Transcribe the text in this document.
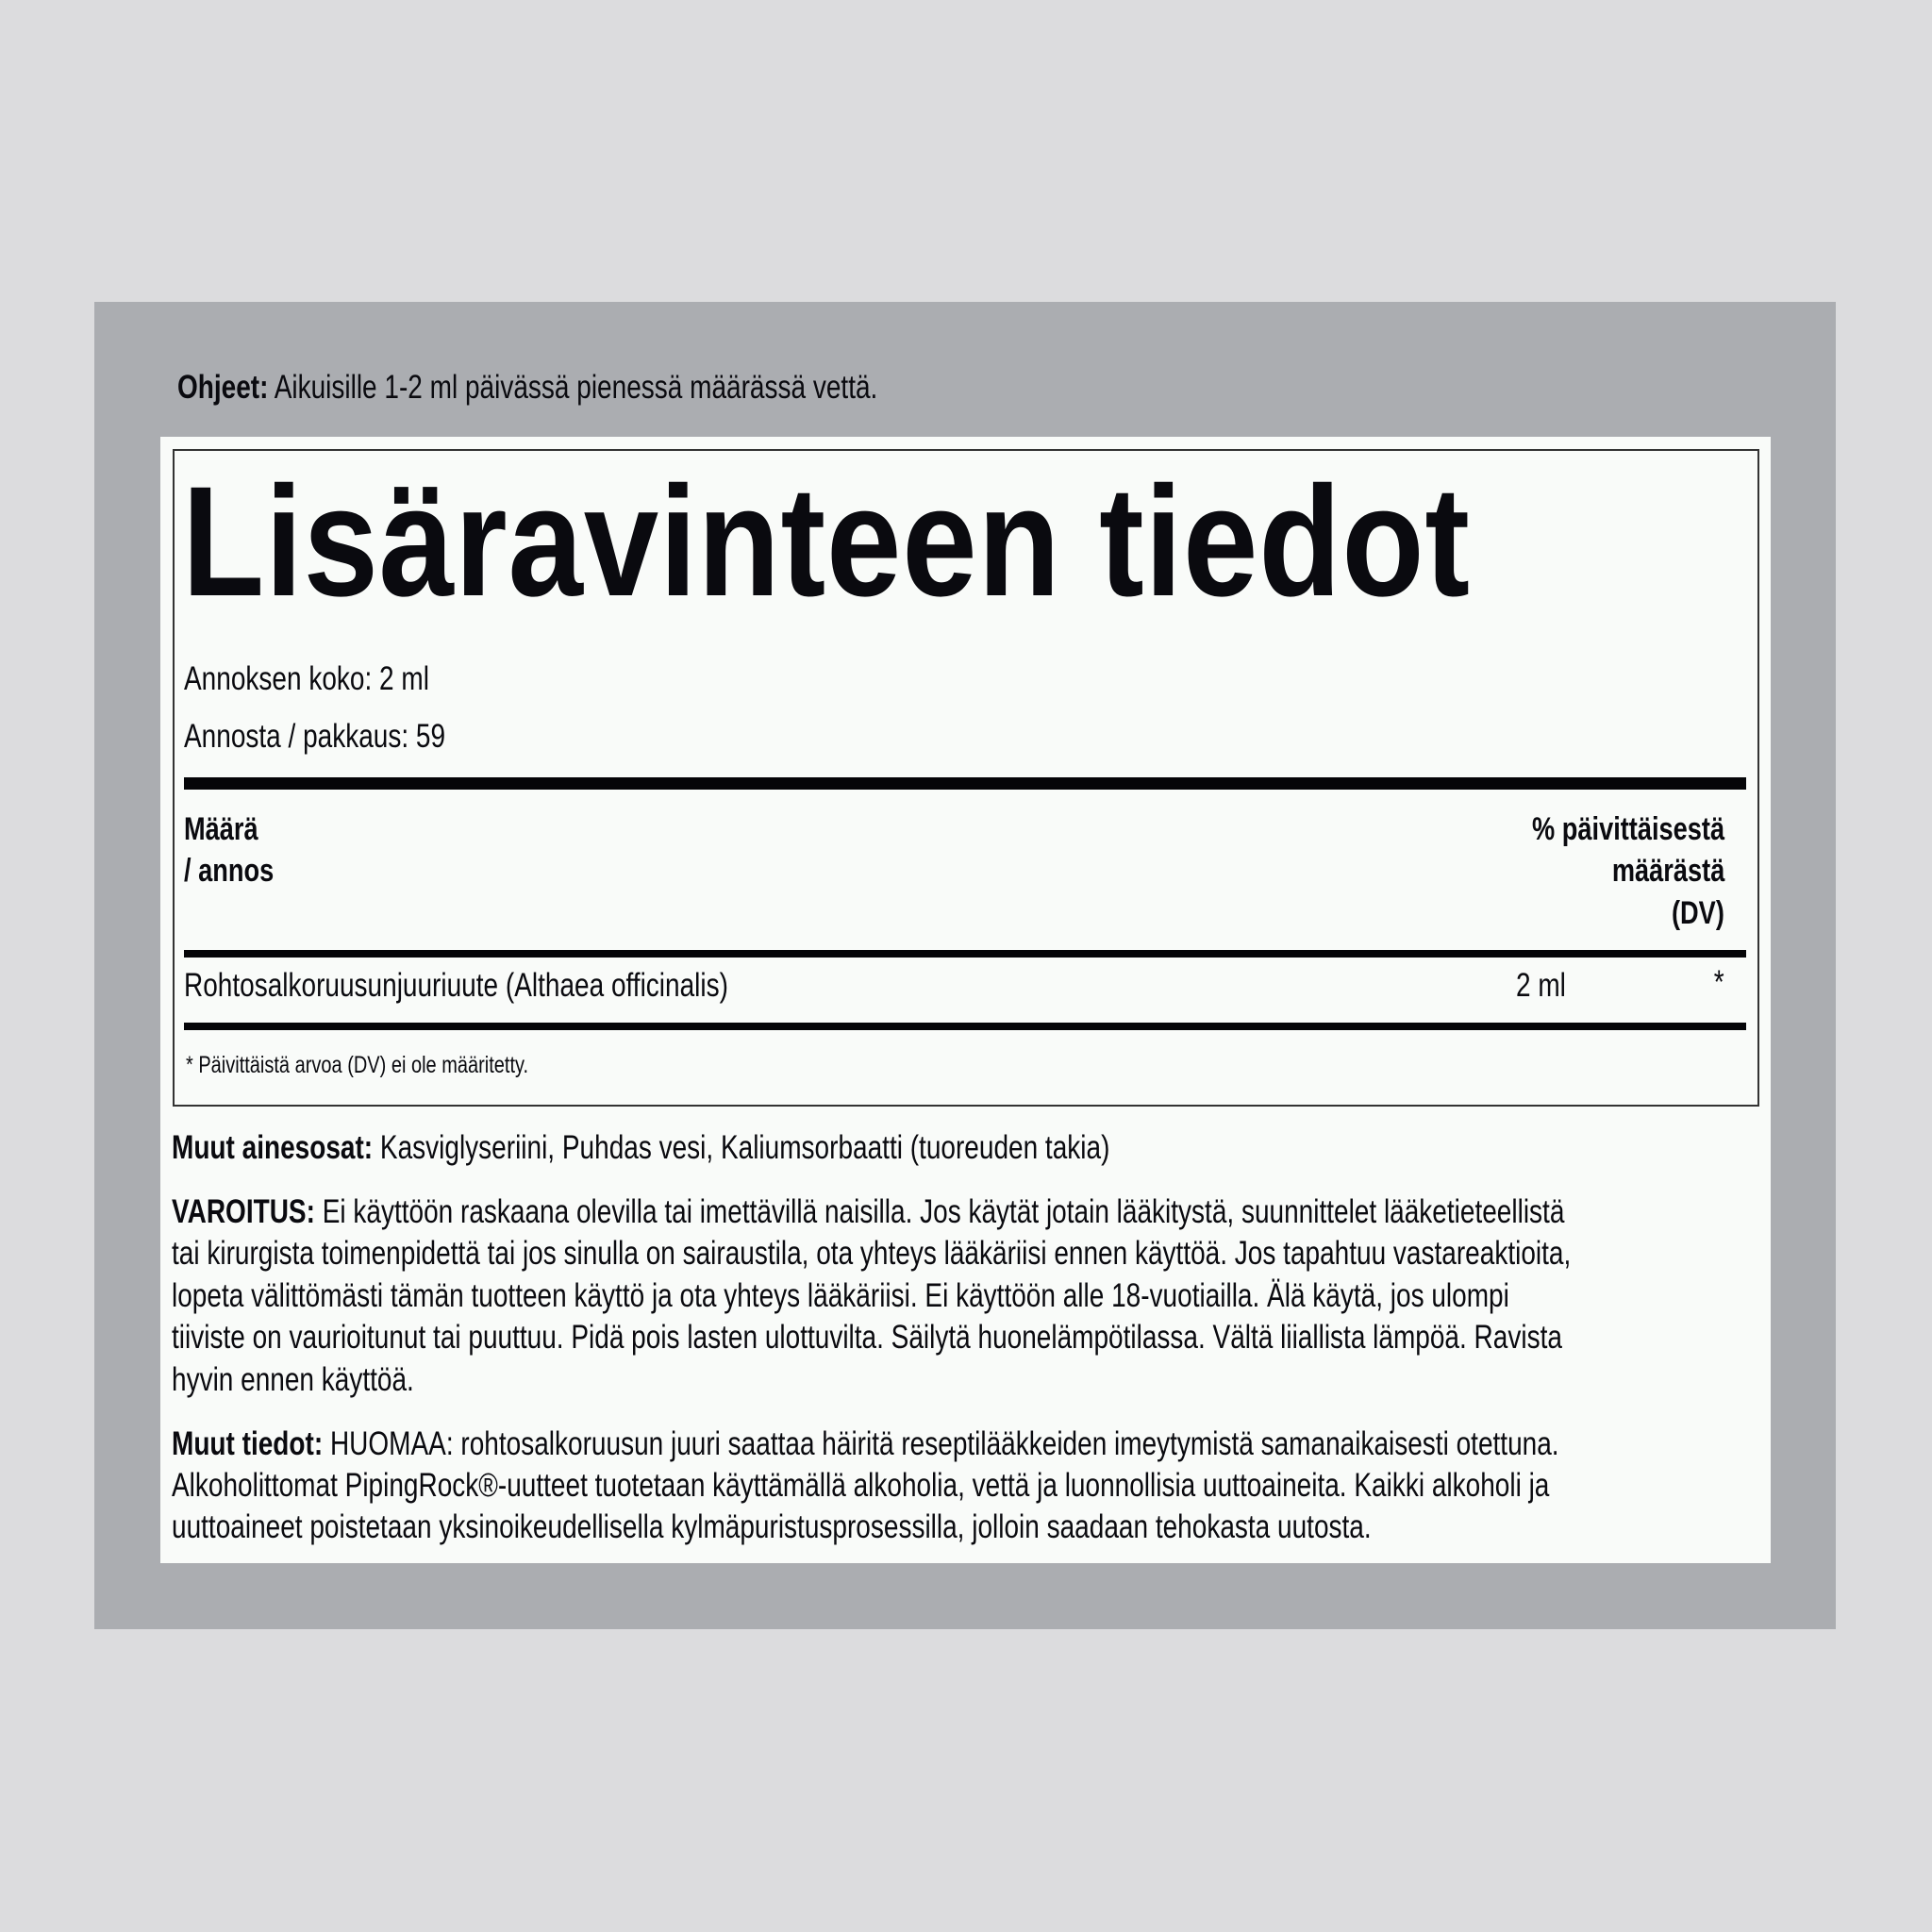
Ohjeet: Aikuisille 1-2 ml päivässä pienessä määrässä vettä.
Lisäravinteen tiedot
Annoksen koko: 2 ml
Annosta / pakkaus: 59
Määrä
/ annos
% päivittäisestä
määrästä
(DV)
Rohtosalkoruusunjuuriuute (Althaea officinalis)	2 ml	*
* Päivittäistä arvoa (DV) ei ole määritetty.
Muut ainesosat: Kasviglyseriini, Puhdas vesi, Kaliumsorbaatti (tuoreuden takia)
VAROITUS: Ei käyttöön raskaana olevilla tai imettävillä naisilla. Jos käytät jotain lääkitystä, suunnittelet lääketieteellistä
tai kirurgista toimenpidettä tai jos sinulla on sairaustila, ota yhteys lääkäriisi ennen käyttöä. Jos tapahtuu vastareaktioita,
lopeta välittömästi tämän tuotteen käyttö ja ota yhteys lääkäriisi. Ei käyttöön alle 18-vuotiailla. Älä käytä, jos ulompi
tiiviste on vaurioitunut tai puuttuu. Pidä pois lasten ulottuvilta. Säilytä huonelämpötilassa. Vältä liiallista lämpöä. Ravista
hyvin ennen käyttöä.
Muut tiedot: HUOMAA: rohtosalkoruusun juuri saattaa häiritä reseptilääkkeiden imeytymistä samanaikaisesti otettuna.
Alkoholittomat PipingRock®-uutteet tuotetaan käyttämällä alkoholia, vettä ja luonnollisia uuttoaineita. Kaikki alkoholi ja
uuttoaineet poistetaan yksinoikeudellisella kylmäpuristusprosessilla, jolloin saadaan tehokasta uutosta.
